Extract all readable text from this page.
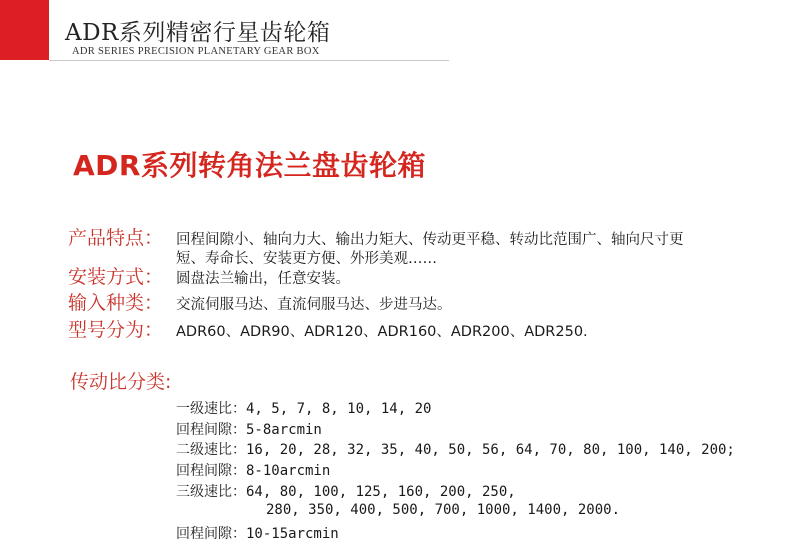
ADR系列精密行星齿轮箱
ADR SERIES PRECISION PLANETARY GEAR BOX
ADR系列转角法兰盘齿轮箱
产品特点： 回程间隙小、轴向力大、输出力矩大、传动更平稳、转动比范围广、轴向尺寸更
短、寿命长、安装更方便、外形美观……
安装方式： 圆盘法兰输出，任意安装。
输入种类： 交流伺服马达、直流伺服马达、步进马达。
型号分为： ADR60、ADR90、ADR120、ADR160、ADR200、ADR250.
传动比分类:
一级速比：4, 5, 7, 8, 10, 14, 20
回程间隙：5-8arcmin
二级速比：16, 20, 28, 32, 35, 40, 50, 56, 64, 70, 80, 100, 140, 200;
回程间隙：8-10arcmin
三级速比：64, 80, 100, 125, 160, 200, 250,
280, 350, 400, 500, 700, 1000, 1400, 2000.
回程间隙：10-15arcmin
